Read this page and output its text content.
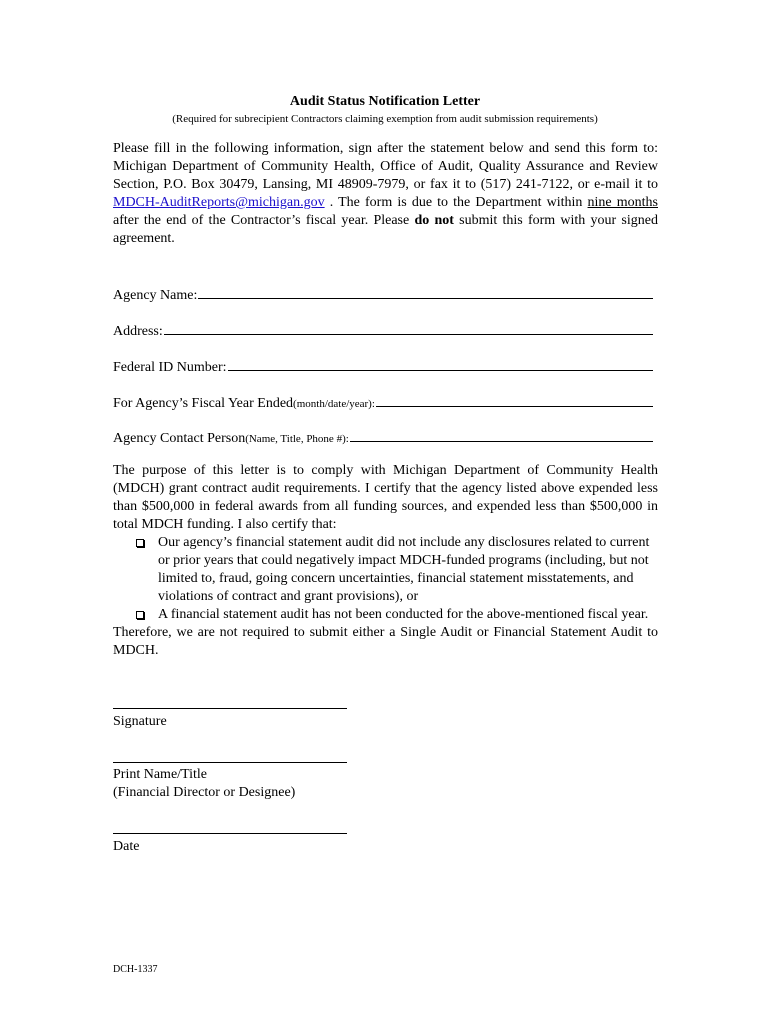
Audit Status Notification Letter
(Required for subrecipient Contractors claiming exemption from audit submission requirements)
Please fill in the following information, sign after the statement below and send this form to: Michigan Department of Community Health, Office of Audit, Quality Assurance and Review Section, P.O. Box 30479, Lansing, MI 48909-7979, or fax it to (517) 241-7122, or e-mail it to MDCH-AuditReports@michigan.gov . The form is due to the Department within nine months after the end of the Contractor’s fiscal year. Please do not submit this form with your signed agreement.
Agency Name:
Address:
Federal ID Number:
For Agency’s Fiscal Year Ended (month/date/year):
Agency Contact Person (Name, Title, Phone #):
The purpose of this letter is to comply with Michigan Department of Community Health (MDCH) grant contract audit requirements. I certify that the agency listed above expended less than $500,000 in federal awards from all funding sources, and expended less than $500,000 in total MDCH funding. I also certify that:
Our agency’s financial statement audit did not include any disclosures related to current or prior years that could negatively impact MDCH-funded programs (including, but not limited to, fraud, going concern uncertainties, financial statement misstatements, and violations of contract and grant provisions), or
A financial statement audit has not been conducted for the above-mentioned fiscal year.
Therefore, we are not required to submit either a Single Audit or Financial Statement Audit to MDCH.
Signature
Print Name/Title
(Financial Director or Designee)
Date
DCH-1337
